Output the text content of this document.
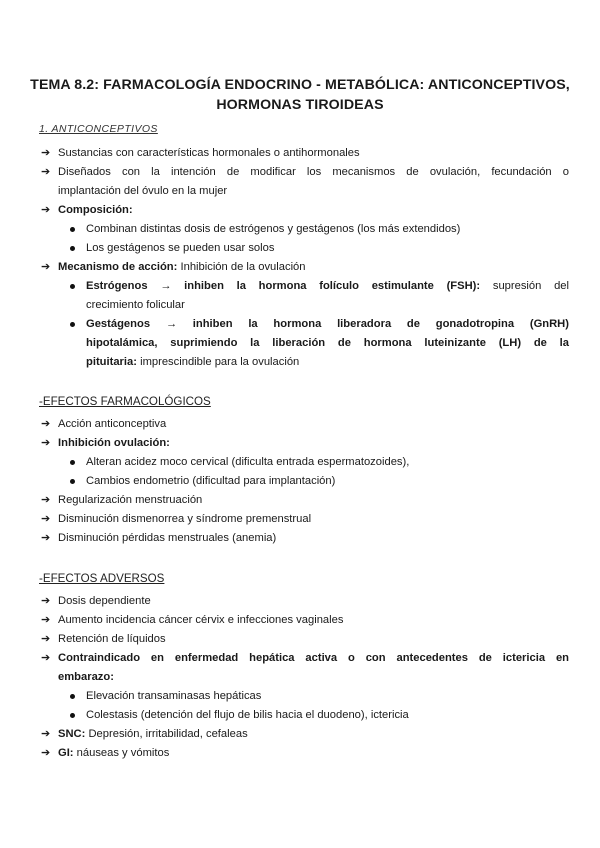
TEMA 8.2: FARMACOLOGÍA ENDOCRINO - METABÓLICA: ANTICONCEPTIVOS,
HORMONAS TIROIDEAS
1. ANTICONCEPTIVOS
➔ Sustancias con características hormonales o antihormonales
➔ Diseñados con la intención de modificar los mecanismos de ovulación, fecundación o
implantación del óvulo en la mujer
➔ Composición:
Combinan distintas dosis de estrógenos y gestágenos (los más extendidos)
Los gestágenos se pueden usar solos
➔ Mecanismo de acción: Inhibición de la ovulación
Estrógenos → inhiben la hormona folículo estimulante (FSH): supresión del
crecimiento folicular
Gestágenos → inhiben la hormona liberadora de gonadotropina (GnRH)
hipotalámica, suprimiendo la liberación de hormona luteinizante (LH) de la
pituitaria: imprescindible para la ovulación
-EFECTOS FARMACOLÓGICOS
➔ Acción anticonceptiva
➔ Inhibición ovulación:
Alteran acidez moco cervical (dificulta entrada espermatozoides),
Cambios endometrio (dificultad para implantación)
➔ Regularización menstruación
➔ Disminución dismenorrea y síndrome premenstrual
➔ Disminución pérdidas menstruales (anemia)
-EFECTOS ADVERSOS
➔ Dosis dependiente
➔ Aumento incidencia cáncer cérvix e infecciones vaginales
➔ Retención de líquidos
➔ Contraindicado en enfermedad hepática activa o con antecedentes de ictericia en
embarazo:
Elevación transaminasas hepáticas
Colestasis (detención del flujo de bilis hacia el duodeno), ictericia
➔ SNC: Depresión, irritabilidad, cefaleas
➔ GI: náuseas y vómitos
